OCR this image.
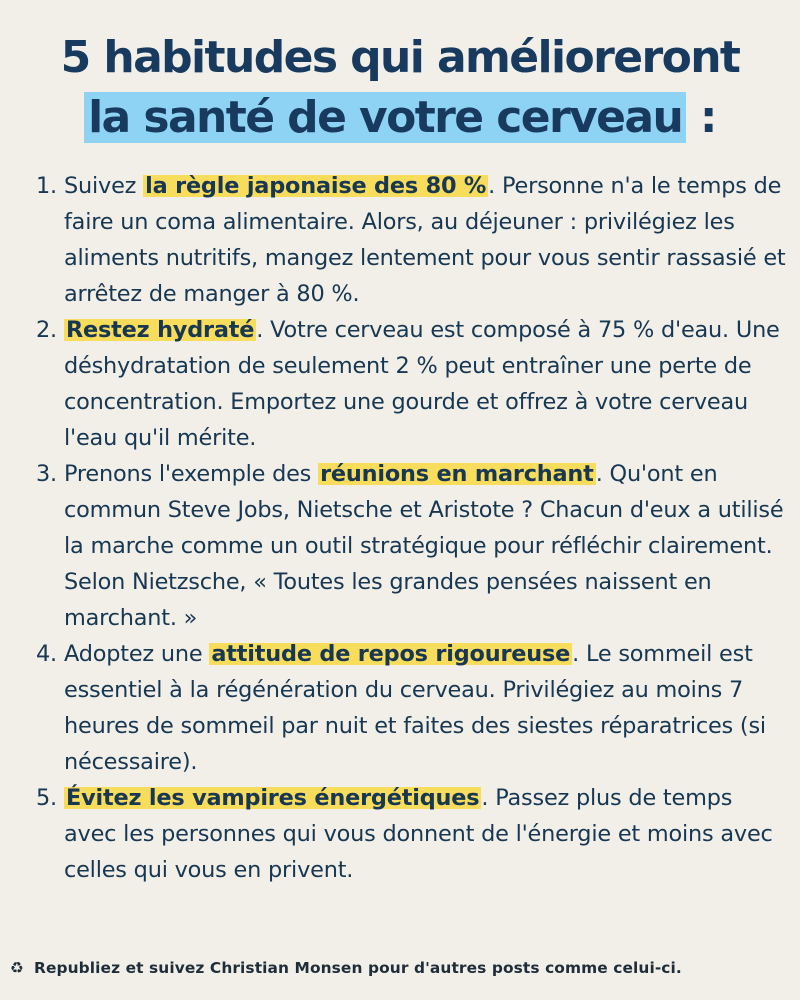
5 habitudes qui amélioreront
la santé de votre cerveau :
1. Suivez la règle japonaise des 80 %. Personne n'a le temps de faire un coma alimentaire. Alors, au déjeuner : privilégiez les aliments nutritifs, mangez lentement pour vous sentir rassasié et arrêtez de manger à 80 %.
2. Restez hydraté. Votre cerveau est composé à 75 % d'eau. Une déshydratation de seulement 2 % peut entraîner une perte de concentration. Emportez une gourde et offrez à votre cerveau l'eau qu'il mérite.
3. Prenons l'exemple des réunions en marchant. Qu'ont en commun Steve Jobs, Nietsche et Aristote ? Chacun d'eux a utilisé la marche comme un outil stratégique pour réfléchir clairement. Selon Nietzsche, « Toutes les grandes pensées naissent en marchant. »
4. Adoptez une attitude de repos rigoureuse. Le sommeil est essentiel à la régénération du cerveau. Privilégiez au moins 7 heures de sommeil par nuit et faites des siestes réparatrices (si nécessaire).
5. Évitez les vampires énergétiques. Passez plus de temps avec les personnes qui vous donnent de l'énergie et moins avec celles qui vous en privent.
♻ Republiez et suivez Christian Monsen pour d'autres posts comme celui-ci.
